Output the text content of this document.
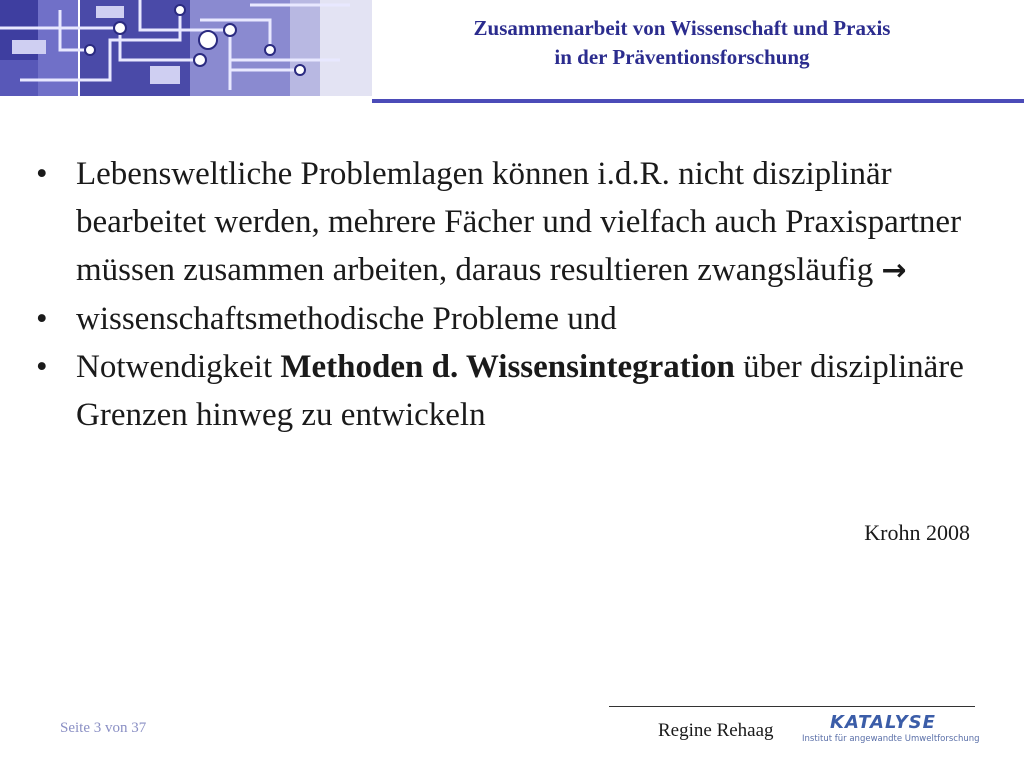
Zusammenarbeit von Wissenschaft und Praxis
in der Präventionsforschung
• Lebensweltliche Problemlagen können i.d.R. nicht disziplinär bearbeitet werden, mehrere Fächer und vielfach auch Praxispartner müssen zusammen arbeiten, daraus resultieren zwangsläufig →
• wissenschaftsmethodische Probleme und
• Notwendigkeit Methoden d. Wissensintegration über disziplinäre Grenzen hinweg zu entwickeln
Krohn 2008
Seite 3 von 37	Regine Rehaag	KATALYSE
Institut für angewandte Umweltforschung
